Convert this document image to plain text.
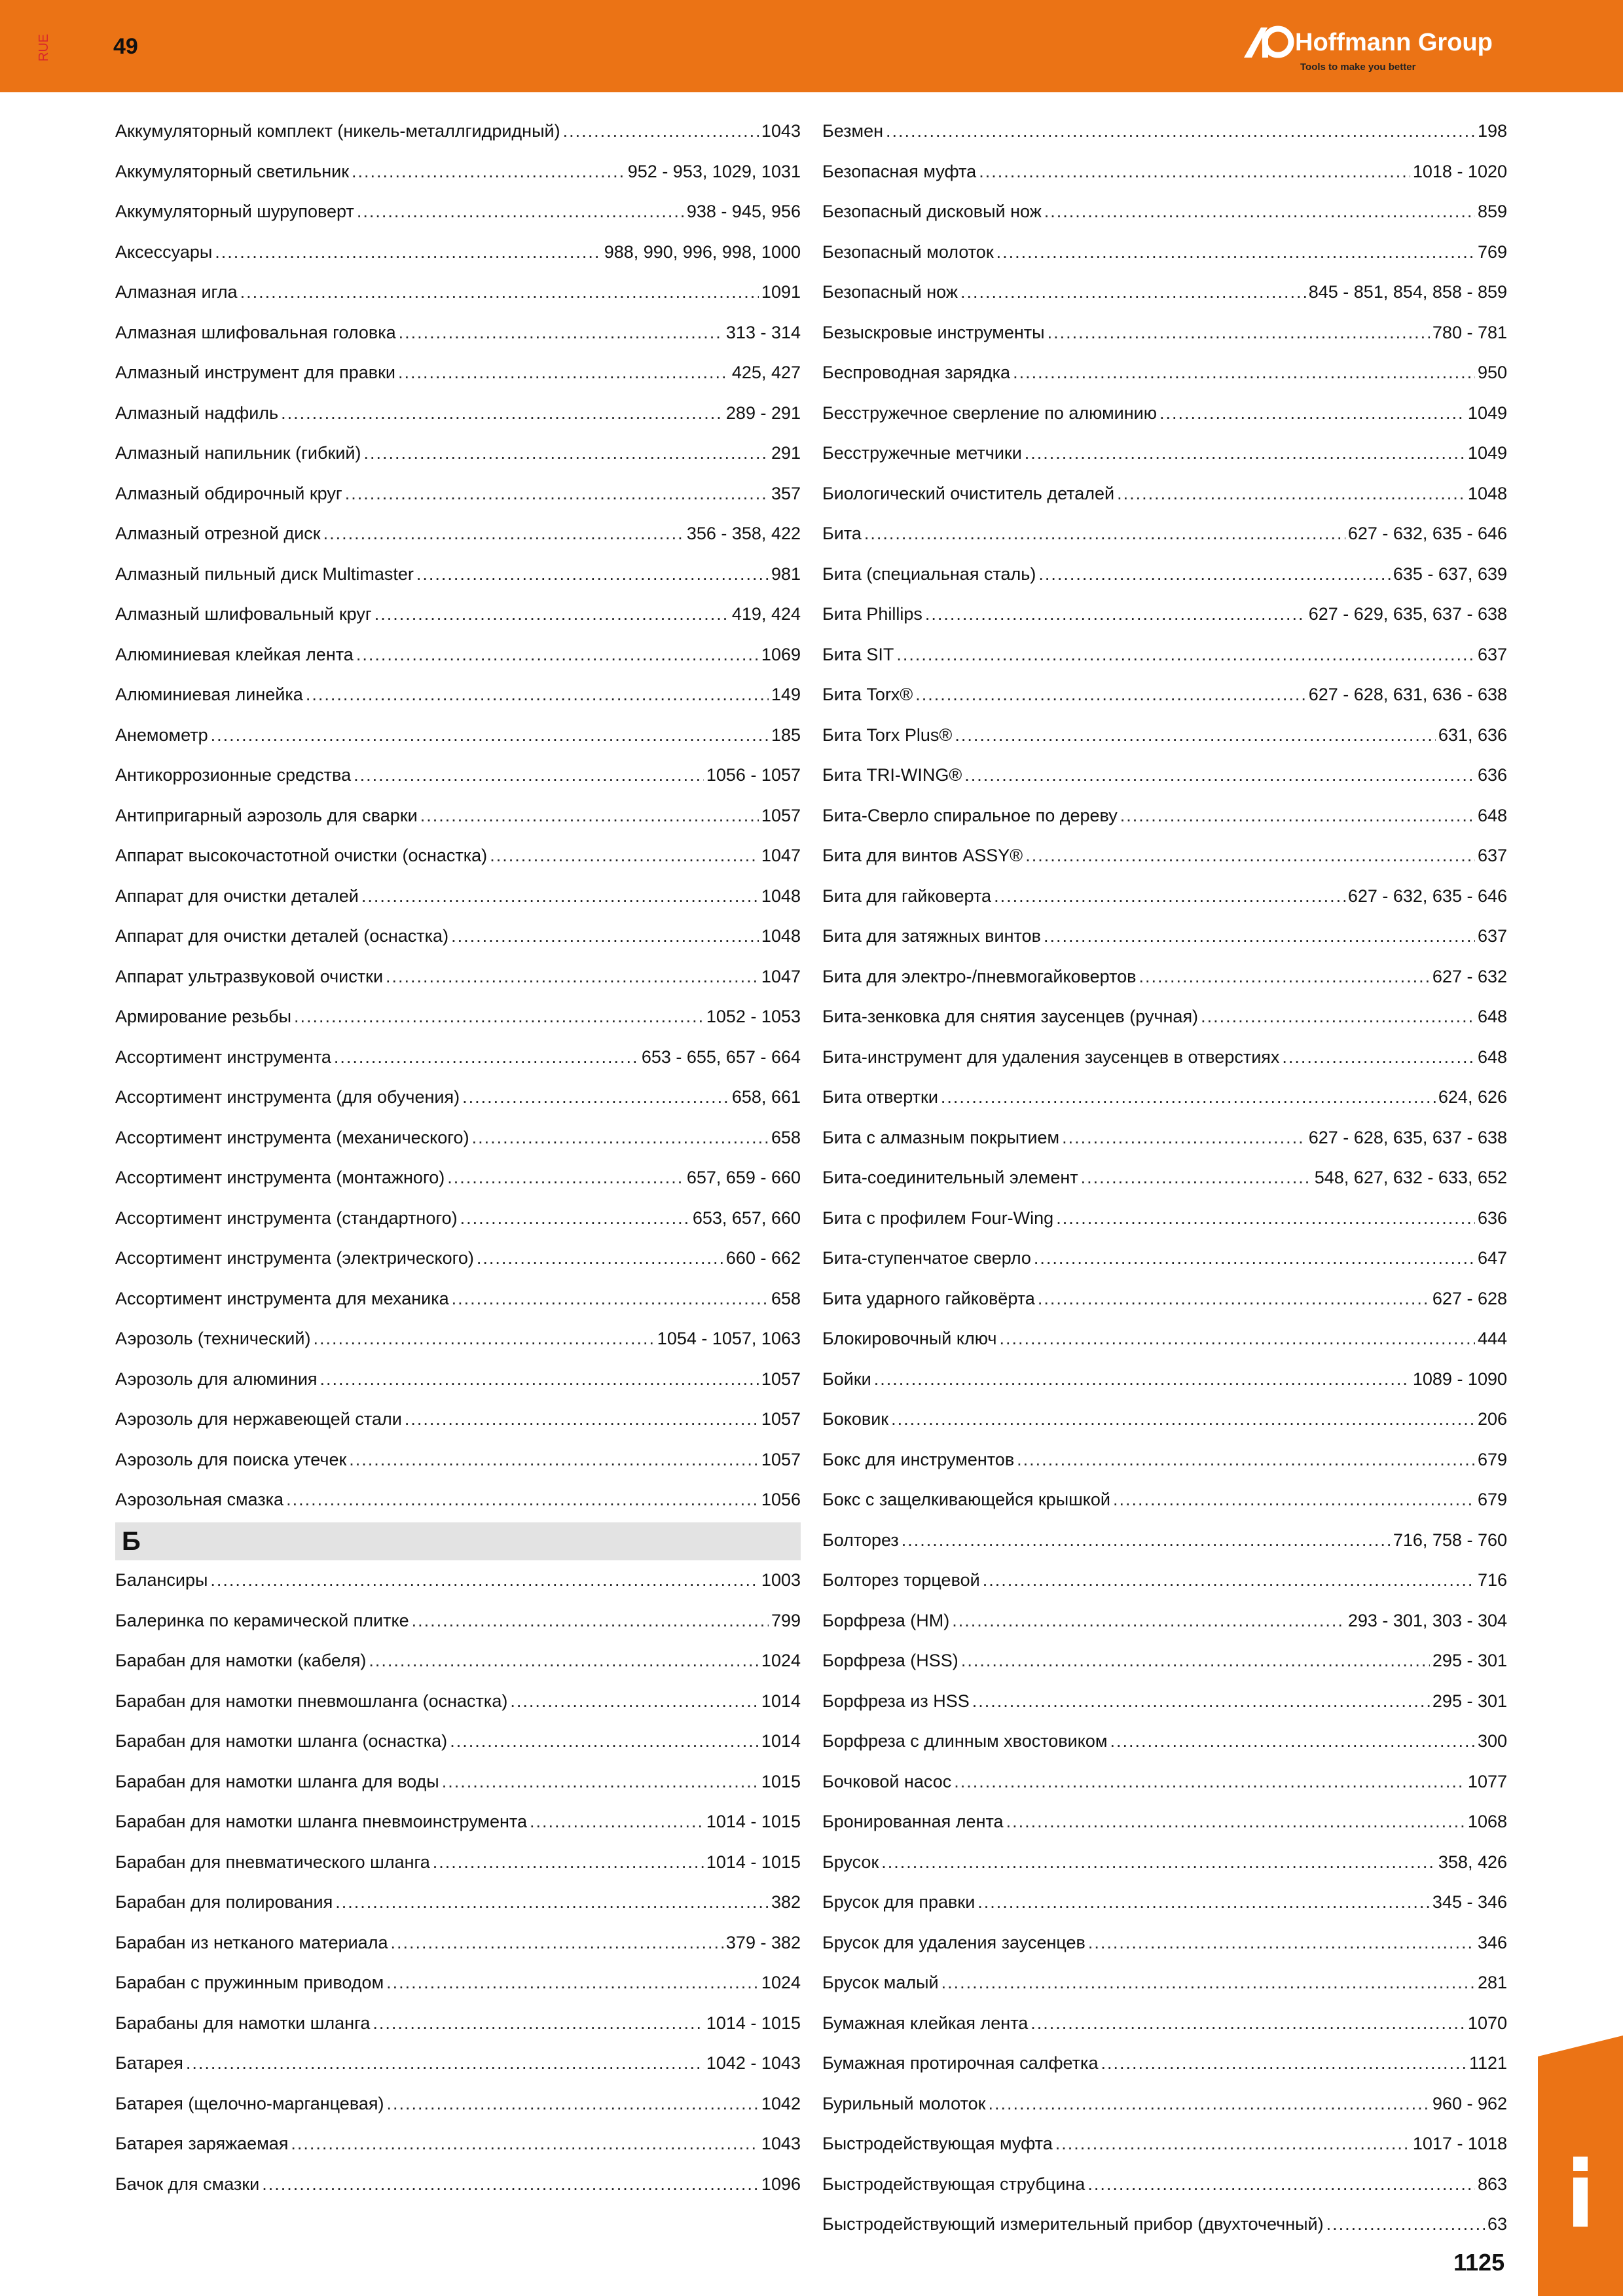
RUE	49	Hoffmann Group
Tools to make you better
Аккумуляторный комплект (никель-металлгидридный) .....	1043
Аккумуляторный светильник .....	952 - 953, 1029, 1031
Аккумуляторный шуруповерт .....	938 - 945, 956
Аксессуары .....	988, 990, 996, 998, 1000
Алмазная игла .....	1091
Алмазная шлифовальная головка .....	313 - 314
Алмазный инструмент для правки .....	425, 427
Алмазный надфиль .....	289 - 291
Алмазный напильник (гибкий) .....	291
Алмазный обдирочный круг .....	357
Алмазный отрезной диск .....	356 - 358, 422
Алмазный пильный диск Multimaster .....	981
Алмазный шлифовальный круг .....	419, 424
Алюминиевая клейкая лента .....	1069
Алюминиевая линейка .....	149
Анемометр .....	185
Антикоррозионные средства .....	1056 - 1057
Антипригарный аэрозоль для сварки .....	1057
Аппарат высокочастотной очистки (оснастка) .....	1047
Аппарат для очистки деталей .....	1048
Аппарат для очистки деталей (оснастка) .....	1048
Аппарат ультразвуковой очистки .....	1047
Армирование резьбы .....	1052 - 1053
Ассортимент инструмента .....	653 - 655, 657 - 664
Ассортимент инструмента (для обучения) .....	658, 661
Ассортимент инструмента (механического) .....	658
Ассортимент инструмента (монтажного) .....	657, 659 - 660
Ассортимент инструмента (стандартного) .....	653, 657, 660
Ассортимент инструмента (электрического) .....	660 - 662
Ассортимент инструмента для механика .....	658
Аэрозоль (технический) .....	1054 - 1057, 1063
Аэрозоль для алюминия .....	1057
Аэрозоль для нержавеющей стали .....	1057
Аэрозоль для поиска утечек .....	1057
Аэрозольная смазка .....	1056
Б
Балансиры .....	1003
Балеринка по керамической плитке .....	799
Барабан для намотки (кабеля) .....	1024
Барабан для намотки пневмошланга (оснастка) .....	1014
Барабан для намотки шланга (оснастка) .....	1014
Барабан для намотки шланга для воды .....	1015
Барабан для намотки шланга пневмоинструмента .....	1014 - 1015
Барабан для пневматического шланга .....	1014 - 1015
Барабан для полирования .....	382
Барабан из нетканого материала .....	379 - 382
Барабан с пружинным приводом .....	1024
Барабаны для намотки шланга .....	1014 - 1015
Батарея .....	1042 - 1043
Батарея (щелочно-марганцевая) .....	1042
Батарея заряжаемая .....	1043
Бачок для смазки .....	1096
Безмен .....	198
Безопасная муфта .....	1018 - 1020
Безопасный дисковый нож .....	859
Безопасный молоток .....	769
Безопасный нож .....	845 - 851, 854, 858 - 859
Безыскровые инструменты .....	780 - 781
Беспроводная зарядка .....	950
Бесстружечное сверление по алюминию .....	1049
Бесстружечные метчики .....	1049
Биологический очиститель деталей .....	1048
Бита .....	627 - 632, 635 - 646
Бита (специальная сталь) .....	635 - 637, 639
Бита Phillips .....	627 - 629, 635, 637 - 638
Бита SIT .....	637
Бита Torx® .....	627 - 628, 631, 636 - 638
Бита Torx Plus® .....	631, 636
Бита TRI-WING® .....	636
Бита-Сверло спиральное по дереву .....	648
Бита для винтов ASSY® .....	637
Бита для гайковерта .....	627 - 632, 635 - 646
Бита для затяжных винтов .....	637
Бита для электро-/пневмогайковертов .....	627 - 632
Бита-зенковка для снятия заусенцев (ручная) .....	648
Бита-инструмент для удаления заусенцев в отверстиях .....	648
Бита отвертки .....	624, 626
Бита с алмазным покрытием .....	627 - 628, 635, 637 - 638
Бита-соединительный элемент .....	548, 627, 632 - 633, 652
Бита с профилем Four-Wing .....	636
Бита-ступенчатое сверло .....	647
Бита ударного гайковёрта .....	627 - 628
Блокировочный ключ .....	444
Бойки .....	1089 - 1090
Боковик .....	206
Бокс для инструментов .....	679
Бокс с защелкивающейся крышкой .....	679
Болторез .....	716, 758 - 760
Болторез торцевой .....	716
Борфреза (HM) .....	293 - 301, 303 - 304
Борфреза (HSS) .....	295 - 301
Борфреза из HSS .....	295 - 301
Борфреза с длинным хвостовиком .....	300
Бочковой насос .....	1077
Бронированная лента .....	1068
Брусок .....	358, 426
Брусок для правки .....	345 - 346
Брусок для удаления заусенцев .....	346
Брусок малый .....	281
Бумажная клейкая лента .....	1070
Бумажная протирочная салфетка .....	1121
Бурильный молоток .....	960 - 962
Быстродействующая муфта .....	1017 - 1018
Быстродействующая струбцина .....	863
Быстродействующий измерительный прибор (двухточечный) .....	63
1125
